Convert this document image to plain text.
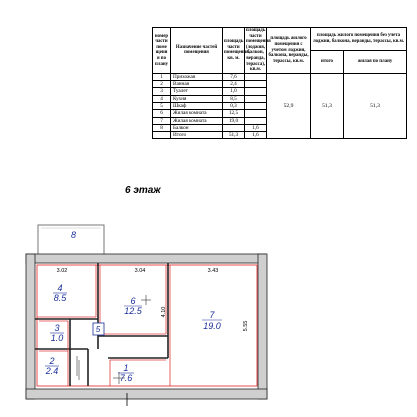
номер части поме щени я по плану	Назначение частей помещения	площадь части помещения, кв. м.	площадь части помещения (лоджия, балкон, веранда, терасса), кв.м.	площадь жилого помещения с учетом лоджии, балкона, веранды, терассы, кв.м.	площадь жилого помещения без учета лоджии, балкона, веранды, терассы, кв.м.	
					итого	жилая по плану
1	Прихожая	7,6		52,9	51,3	51,3
2	Ванная	2,4				
3	Туалет	1,0				
4	Кухня	8,5				
5	Шкаф	0,3				
6	Жилая комната	12,5				
7	Жилая комната	19,0				
8	Балкон		1,6			
	Итого	51,3	1,6			

6 этаж

8
4
8.5	6
12.5	7
19.0
3
1.0
5
2
2.4	1
7.6
3.02	3.04	3.43
4.10
5.55
